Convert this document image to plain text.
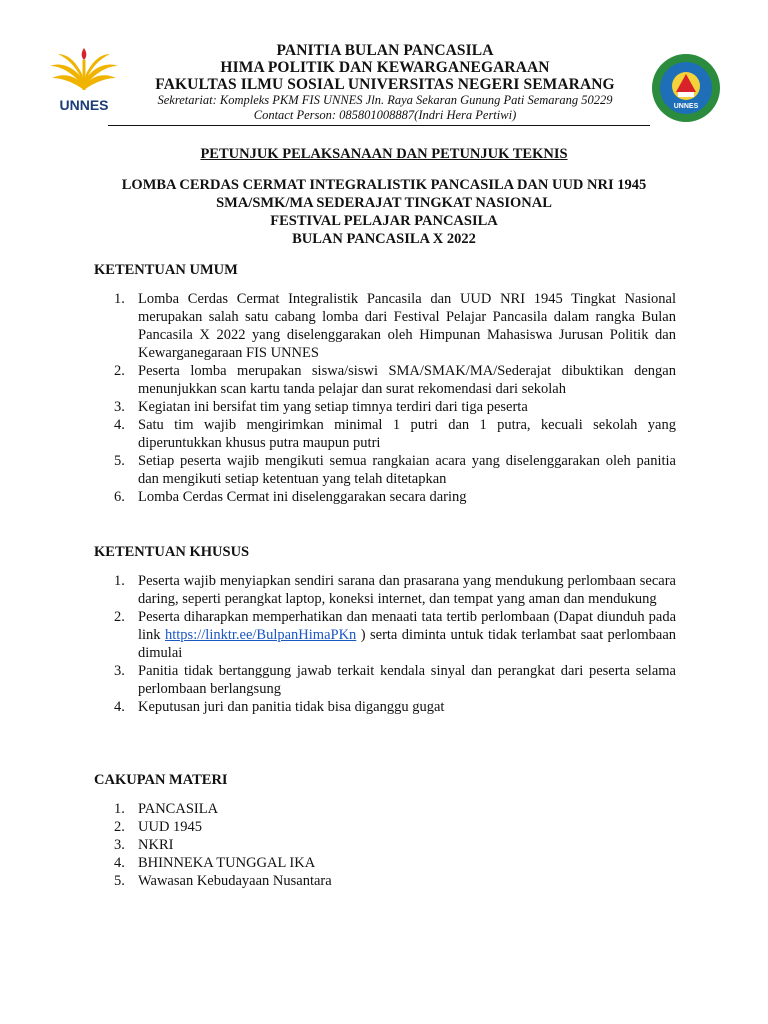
UNNES	UNNES
PANITIA BULAN PANCASILA
HIMA POLITIK DAN KEWARGANEGARAAN
FAKULTAS ILMU SOSIAL UNIVERSITAS NEGERI SEMARANG
Sekretariat: Kompleks PKM FIS UNNES Jln. Raya Sekaran Gunung Pati Semarang 50229
Contact Person: 085801008887(Indri Hera Pertiwi)
PETUNJUK PELAKSANAAN DAN PETUNJUK TEKNIS
LOMBA CERDAS CERMAT INTEGRALISTIK PANCASILA DAN UUD NRI 1945
SMA/SMK/MA SEDERAJAT TINGKAT NASIONAL
FESTIVAL PELAJAR PANCASILA
BULAN PANCASILA X 2022
KETENTUAN UMUM
1. Lomba Cerdas Cermat Integralistik Pancasila dan UUD NRI 1945 Tingkat Nasional merupakan salah satu cabang lomba dari Festival Pelajar Pancasila dalam rangka Bulan Pancasila X 2022 yang diselenggarakan oleh Himpunan Mahasiswa Jurusan Politik dan Kewarganegaraan FIS UNNES
2. Peserta lomba merupakan siswa/siswi SMA/SMAK/MA/Sederajat dibuktikan dengan menunjukkan scan kartu tanda pelajar dan surat rekomendasi dari sekolah
3. Kegiatan ini bersifat tim yang setiap timnya terdiri dari tiga peserta
4. Satu tim wajib mengirimkan minimal 1 putri dan 1 putra, kecuali sekolah yang diperuntukkan khusus putra maupun putri
5. Setiap peserta wajib mengikuti semua rangkaian acara yang diselenggarakan oleh panitia dan mengikuti setiap ketentuan yang telah ditetapkan
6. Lomba Cerdas Cermat ini diselenggarakan secara daring
KETENTUAN KHUSUS
1. Peserta wajib menyiapkan sendiri sarana dan prasarana yang mendukung perlombaan secara daring, seperti perangkat laptop, koneksi internet, dan tempat yang aman dan mendukung
2. Peserta diharapkan memperhatikan dan menaati tata tertib perlombaan (Dapat diunduh pada link https://linktr.ee/BulpanHimaPKn ) serta diminta untuk tidak terlambat saat perlombaan dimulai
3. Panitia tidak bertanggung jawab terkait kendala sinyal dan perangkat dari peserta selama perlombaan berlangsung
4. Keputusan juri dan panitia tidak bisa diganggu gugat
CAKUPAN MATERI
1. PANCASILA
2. UUD 1945
3. NKRI
4. BHINNEKA TUNGGAL IKA
5. Wawasan Kebudayaan Nusantara
